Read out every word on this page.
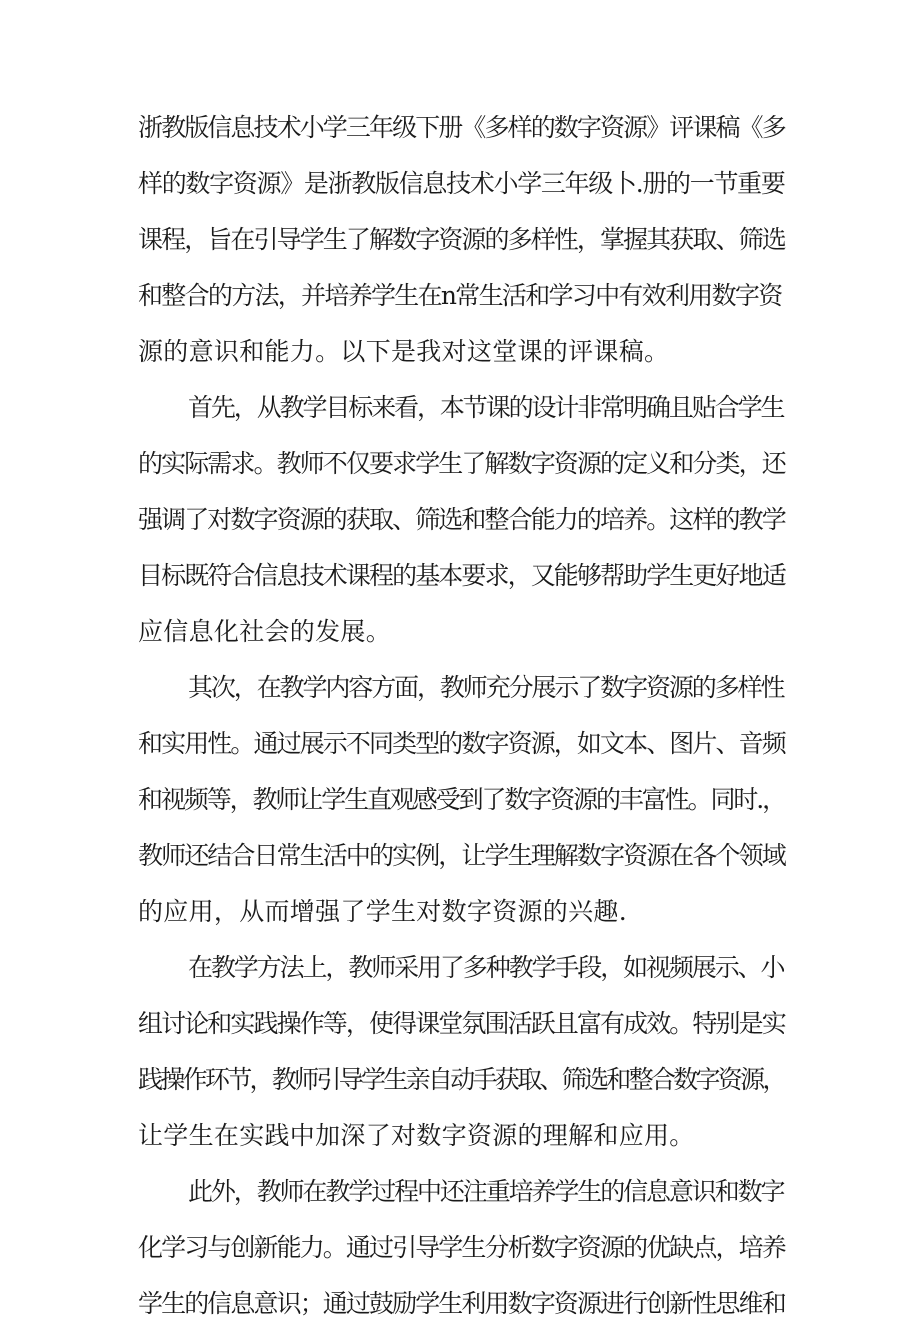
浙教版信息技术小学三年级下册《多样的数字资源》评课稿《多
样的数字资源》是浙教版信息技术小学三年级卜.册的一节重要
课程，旨在引导学生了解数字资源的多样性，掌握其获取、筛选
和整合的方法，并培养学生在n常生活和学习中有效利用数字资
源的意识和能力。以下是我对这堂课的评课稿。
首先，从教学目标来看，本节课的设计非常明确且贴合学生
的实际需求。教师不仅要求学生了解数字资源的定义和分类，还
强调了对数字资源的获取、筛选和整合能力的培养。这样的教学
目标既符合信息技术课程的基本要求，又能够帮助学生更好地适
应信息化社会的发展。
其次，在教学内容方面，教师充分展示了数字资源的多样性
和实用性。通过展示不同类型的数字资源，如文本、图片、音频
和视频等，教师让学生直观感受到了数字资源的丰富性。同时.，
教师还结合日常生活中的实例，让学生理解数字资源在各个领域
的应用，从而增强了学生对数字资源的兴趣.
在教学方法上，教师采用了多种教学手段，如视频展示、小
组讨论和实践操作等，使得课堂氛围活跃且富有成效。特别是实
践操作环节，教师引导学生亲自动手获取、筛选和整合数字资源，
让学生在实践中加深了对数字资源的理解和应用。
此外，教师在教学过程中还注重培养学生的信息意识和数字
化学习与创新能力。通过引导学生分析数字资源的优缺点，培养
学生的信息意识；通过鼓励学生利用数字资源进行创新性思维和
